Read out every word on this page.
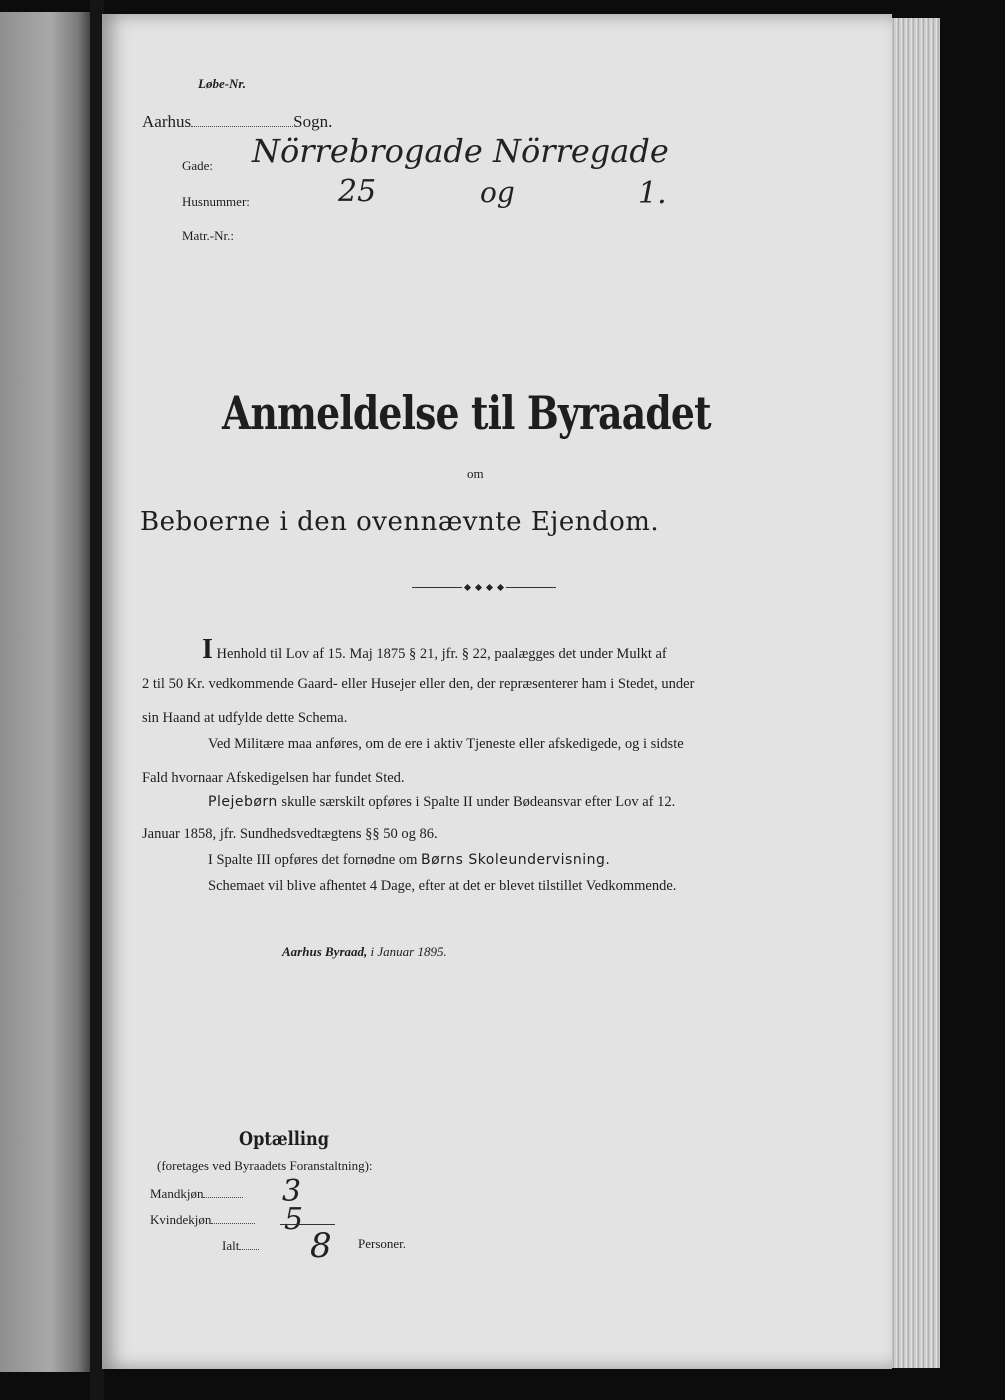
Løbe-Nr.
Aarhus	Sogn.
Gade: Nörrebrogade Nörregade
Husnummer:	25	og	1.
Matr.-Nr.:
Anmeldelse til Byraadet
om
Beboerne i den ovennævnte Ejendom.
I Henhold til Lov af 15. Maj 1875 § 21, jfr. § 22, paalægges det under Mulkt af
2 til 50 Kr. vedkommende Gaard- eller Husejer eller den, der repræsenterer ham i Stedet, under
sin Haand at udfylde dette Schema.
Ved Militære maa anføres, om de ere i aktiv Tjeneste eller afskedigede, og i sidste
Fald hvornaar Afskedigelsen har fundet Sted.
Plejebørn skulle særskilt opføres i Spalte II under Bødeansvar efter Lov af 12.
Januar 1858, jfr. Sundhedsvedtægtens §§ 50 og 86.
I Spalte III opføres det fornødne om Børns Skoleundervisning.
Schemaet vil blive afhentet 4 Dage, efter at det er blevet tilstillet Vedkommende.
Aarhus Byraad, i Januar 1895.
Optælling
(foretages ved Byraadets Foranstaltning):
Mandkjøn	3
Kvindekjøn	5
Ialt	8 Personer.
